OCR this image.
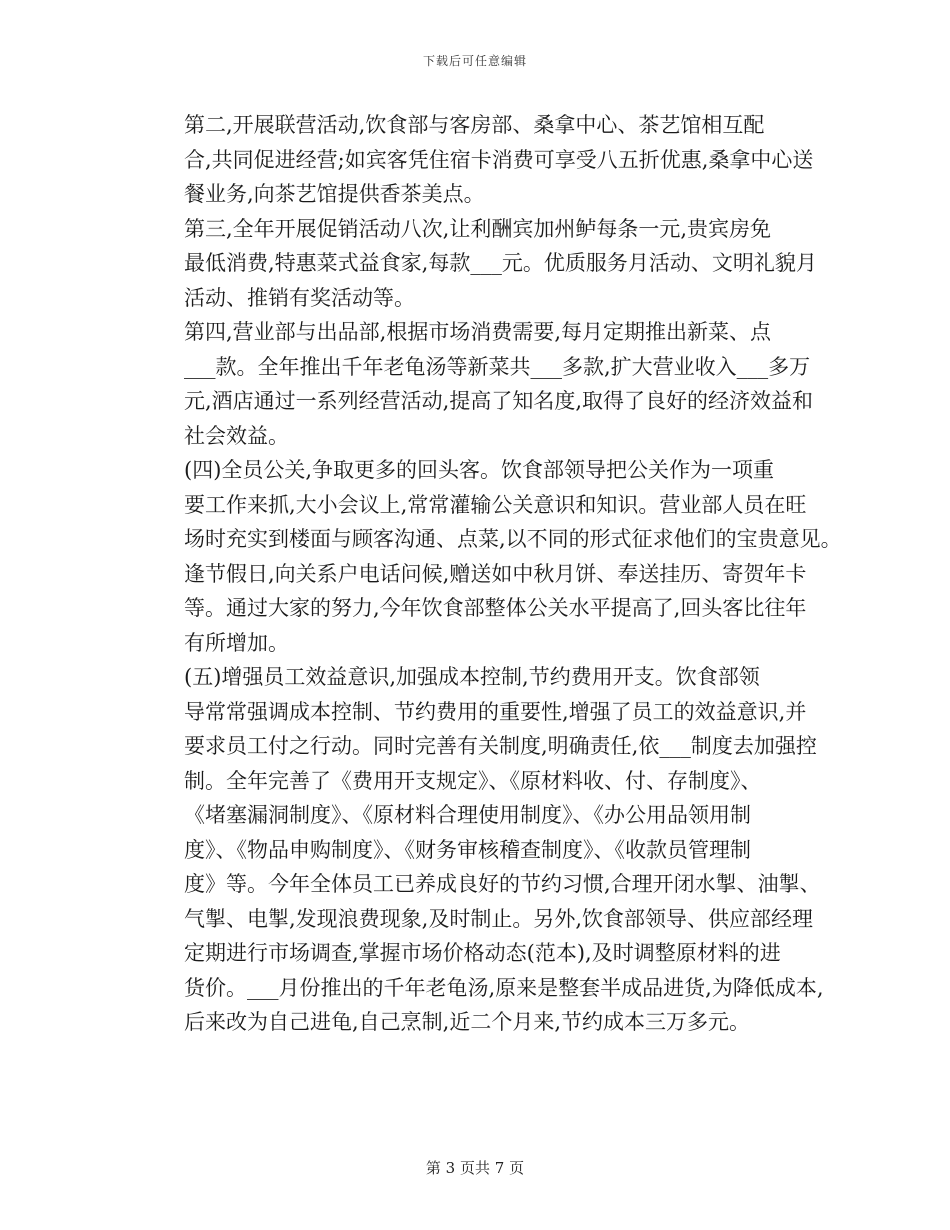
下载后可任意编辑

第二,开展联营活动,饮食部与客房部、桑拿中心、茶艺馆相互配
合,共同促进经营;如宾客凭住宿卡消费可享受八五折优惠,桑拿中心送
餐业务,向茶艺馆提供香茶美点。

第三,全年开展促销活动八次,让利酬宾加州鲈每条一元,贵宾房免
最低消费,特惠菜式益食家,每款___元。优质服务月活动、文明礼貌月
活动、推销有奖活动等。

第四,营业部与出品部,根据市场消费需要,每月定期推出新菜、点
___款。全年推出千年老龟汤等新菜共___多款,扩大营业收入___多万
元,酒店通过一系列经营活动,提高了知名度,取得了良好的经济效益和
社会效益。

(四)全员公关,争取更多的回头客。饮食部领导把公关作为一项重
要工作来抓,大小会议上,常常灌输公关意识和知识。营业部人员在旺
场时充实到楼面与顾客沟通、点菜,以不同的形式征求他们的宝贵意见。
逢节假日,向关系户电话问候,赠送如中秋月饼、奉送挂历、寄贺年卡
等。通过大家的努力,今年饮食部整体公关水平提高了,回头客比往年
有所增加。

(五)增强员工效益意识,加强成本控制,节约费用开支。饮食部领
导常常强调成本控制、节约费用的重要性,增强了员工的效益意识,并
要求员工付之行动。同时完善有关制度,明确责任,依___制度去加强控
制。全年完善了《费用开支规定》、《原材料收、付、存制度》、
《堵塞漏洞制度》、《原材料合理使用制度》、《办公用品领用制
度》、《物品申购制度》、《财务审核稽查制度》、《收款员管理制
度》等。今年全体员工已养成良好的节约习惯,合理开闭水掣、油掣、
气掣、电掣,发现浪费现象,及时制止。另外,饮食部领导、供应部经理
定期进行市场调查,掌握市场价格动态(范本),及时调整原材料的进
货价。___月份推出的千年老龟汤,原来是整套半成品进货,为降低成本,
后来改为自己进龟,自己烹制,近二个月来,节约成本三万多元。

第 3 页共 7 页
